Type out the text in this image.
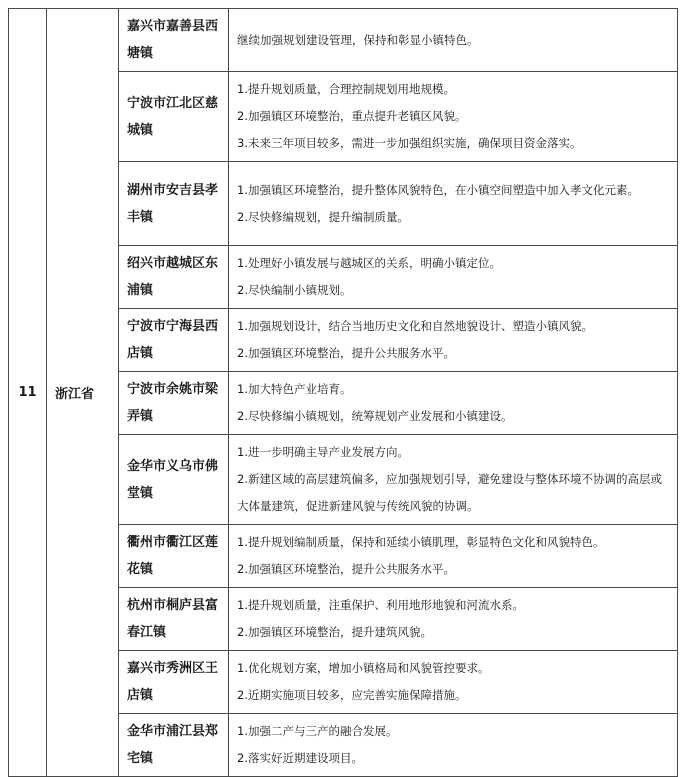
11	浙江省	嘉兴市嘉善县西塘镇	继续加强规划建设管理，保持和彰显小镇特色。

		宁波市江北区慈城镇	1.提升规划质量，合理控制规划用地规模。
2.加强镇区环境整治，重点提升老镇区风貌。
3.未来三年项目较多，需进一步加强组织实施，确保项目资金落实。

		湖州市安吉县孝丰镇	1.加强镇区环境整治，提升整体风貌特色，在小镇空间塑造中加入孝文化元素。
2.尽快修编规划，提升编制质量。

		绍兴市越城区东浦镇	1.处理好小镇发展与越城区的关系，明确小镇定位。
2.尽快编制小镇规划。

		宁波市宁海县西店镇	1.加强规划设计，结合当地历史文化和自然地貌设计、塑造小镇风貌。
2.加强镇区环境整治，提升公共服务水平。

		宁波市余姚市梁弄镇	1.加大特色产业培育。
2.尽快修编小镇规划，统筹规划产业发展和小镇建设。

		金华市义乌市佛堂镇	1.进一步明确主导产业发展方向。
2.新建区域的高层建筑偏多，应加强规划引导，避免建设与整体环境不协调的高层或大体量建筑，促进新建风貌与传统风貌的协调。

		衢州市衢江区莲花镇	1.提升规划编制质量，保持和延续小镇肌理，彰显特色文化和风貌特色。
2.加强镇区环境整治，提升公共服务水平。

		杭州市桐庐县富春江镇	1.提升规划质量，注重保护、利用地形地貌和河流水系。
2.加强镇区环境整治，提升建筑风貌。

		嘉兴市秀洲区王店镇	1.优化规划方案，增加小镇格局和风貌管控要求。
2.近期实施项目较多，应完善实施保障措施。

		金华市浦江县郑宅镇	1.加强二产与三产的融合发展。
2.落实好近期建设项目。
